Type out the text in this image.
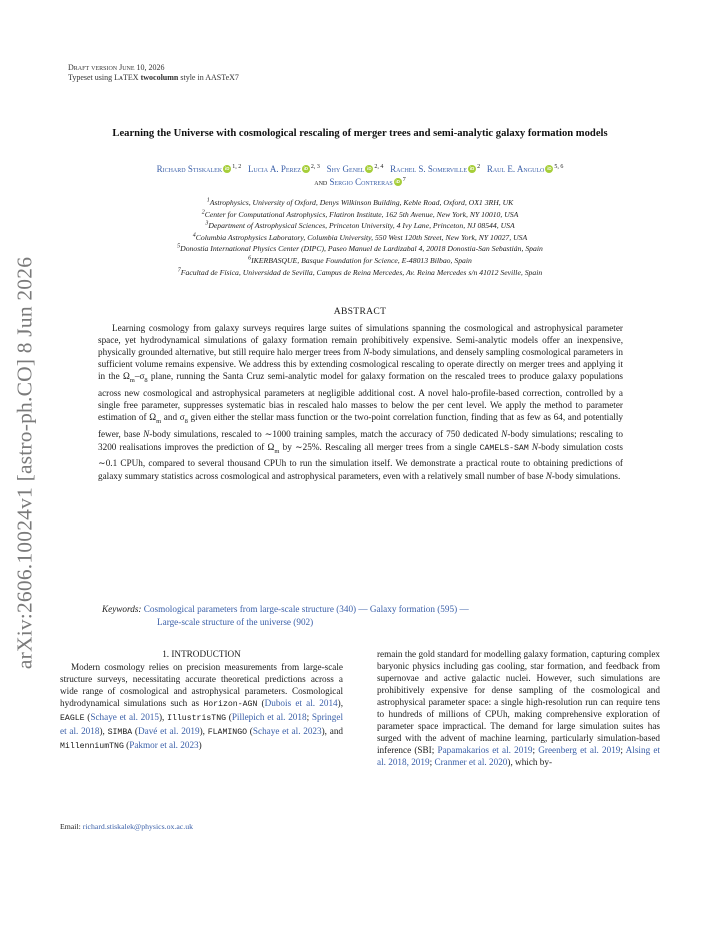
arXiv:2606.10024v1 [astro-ph.CO] 8 Jun 2026
Draft version June 10, 2026
Typeset using LᴀTEX twocolumn style in AASTeX7
Learning the Universe with cosmological rescaling of merger trees and semi-analytic galaxy formation models
Richard Stiskalek iD $^{1, 2}$ Lucia A. Perez iD $^{2, 3}$ Shy Genel iD $^{2, 4}$ Rachel S. Somerville iD $^2$ Raul E. Angulo iD $^{5, 6}$
and Sergio Contreras iD $^7$
$^1$Astrophysics, University of Oxford, Denys Wilkinson Building, Keble Road, Oxford, OX1 3RH, UK
$^2$Center for Computational Astrophysics, Flatiron Institute, 162 5th Avenue, New York, NY 10010, USA
$^3$Department of Astrophysical Sciences, Princeton University, 4 Ivy Lane, Princeton, NJ 08544, USA
$^4$Columbia Astrophysics Laboratory, Columbia University, 550 West 120th Street, New York, NY 10027, USA
$^5$Donostia International Physics Center (DIPC), Paseo Manuel de Lardizabal 4, 20018 Donostia-San Sebastián, Spain
$^6$IKERBASQUE, Basque Foundation for Science, E-48013 Bilbao, Spain
$^7$Facultad de Física, Universidad de Sevilla, Campus de Reina Mercedes, Av. Reina Mercedes s/n 41012 Seville, Spain
ABSTRACT
Learning cosmology from galaxy surveys requires large suites of simulations spanning the cosmological and astrophysical parameter space, yet hydrodynamical simulations of galaxy formation remain prohibitively expensive. Semi-analytic models offer an inexpensive, physically grounded alternative, but still require halo merger trees from N-body simulations, and densely sampling cosmological parameters in sufficient volume remains expensive. We address this by extending cosmological rescaling to operate directly on merger trees and applying it in the $\Omega_m-\sigma_8$ plane, running the Santa Cruz semi-analytic model for galaxy formation on the rescaled trees to produce galaxy populations across new cosmological and astrophysical parameters at negligible additional cost. A novel halo-profile-based correction, controlled by a single free parameter, suppresses systematic bias in rescaled halo masses to below the per cent level. We apply the method to parameter estimation of $\Omega_m$ and $\sigma_8$ given either the stellar mass function or the two-point correlation function, finding that as few as 64, and potentially fewer, base N-body simulations, rescaled to ∼1000 training samples, match the accuracy of 750 dedicated N-body simulations; rescaling to 3200 realisations improves the prediction of $\Omega_m$ by ∼25%. Rescaling all merger trees from a single CAMELS-SAM N-body simulation costs ∼0.1 CPUh, compared to several thousand CPUh to run the simulation itself. We demonstrate a practical route to obtaining predictions of galaxy summary statistics across cosmological and astrophysical parameters, even with a relatively small number of base N-body simulations.
Keywords: Cosmological parameters from large-scale structure (340) — Galaxy formation (595) —
Large-scale structure of the universe (902)
1. INTRODUCTION

Modern cosmology relies on precision measurements from large-scale structure surveys, necessitating accurate theoretical predictions across a wide range of cosmological and astrophysical parameters. Cosmological hydrodynamical simulations such as Horizon-AGN (Dubois et al. 2014), EAGLE (Schaye et al. 2015), IllustrisTNG (Pillepich et al. 2018; Springel et al. 2018), SIMBA (Davé et al. 2019), FLAMINGO (Schaye et al. 2023), and MillenniumTNG (Pakmor et al. 2023)

remain the gold standard for modelling galaxy formation, capturing complex baryonic physics including gas cooling, star formation, and feedback from supernovae and active galactic nuclei. However, such simulations are prohibitively expensive for dense sampling of the cosmological and astrophysical parameter space: a single high-resolution run can require tens to hundreds of millions of CPUh, making comprehensive exploration of parameter space impractical. The demand for large simulation suites has surged with the advent of machine learning, particularly simulation-based inference (SBI; Papamakarios et al. 2019; Greenberg et al. 2019; Alsing et al. 2018, 2019; Cranmer et al. 2020), which by-

Email: richard.stiskalek@physics.ox.ac.uk
